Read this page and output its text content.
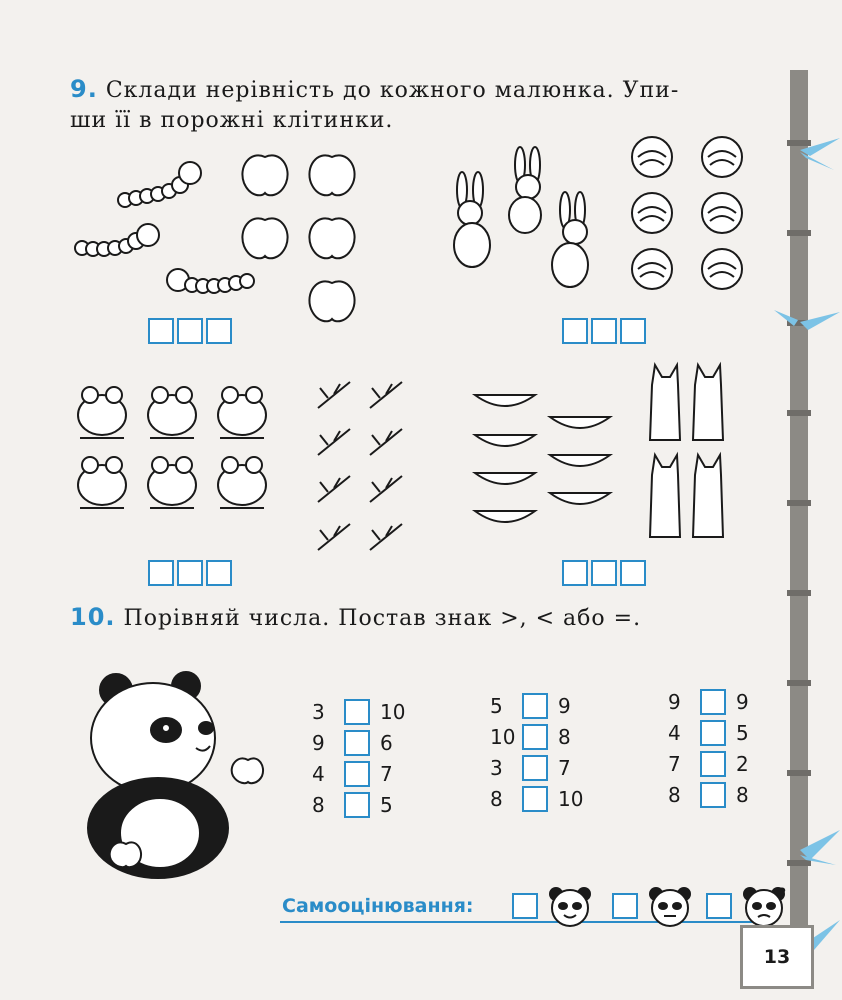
9. Склади нерівність до кожного малюнка. Упи-
ши її в порожні клітинки.
10. Порівняй числа. Постав знак >, < або =.
3	10
9	6
4	7
8	5
5	9
10	8
3	7
8	10
9	9
4	5
7	2
8	8
Самооцінювання:
?
13
